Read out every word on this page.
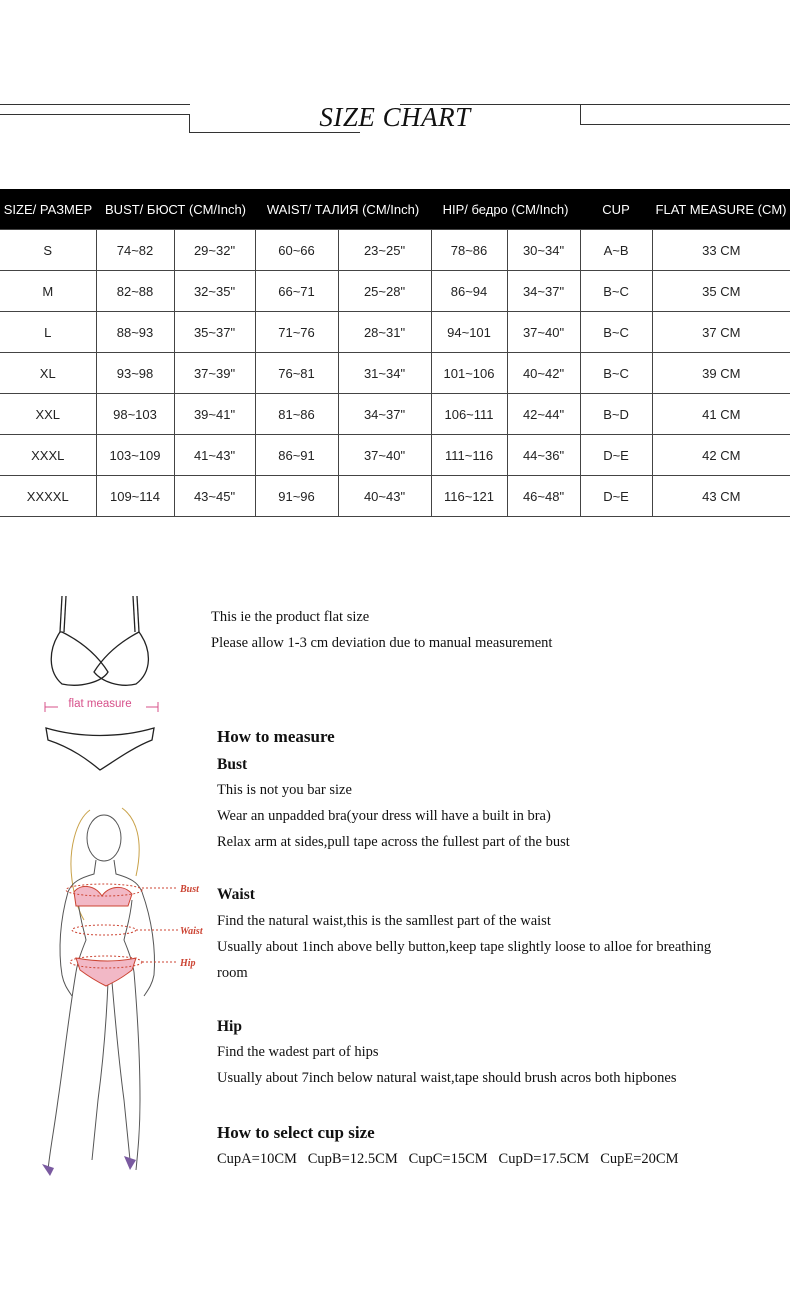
SIZE CHART
SIZE/ РАЗМЕР	BUST/ БЮСТ (CM/Inch)		WAIST/ ТАЛИЯ (CM/Inch)		HIP/ бедро (CM/Inch)		CUP	FLAT MEASURE (CM)
S	74~82	29~32"	60~66	23~25"	78~86	30~34"	A~B	33 CM
M	82~88	32~35"	66~71	25~28"	86~94	34~37"	B~C	35 CM
L	88~93	35~37"	71~76	28~31"	94~101	37~40"	B~C	37 CM
XL	93~98	37~39"	76~81	31~34"	101~106	40~42"	B~C	39 CM
XXL	98~103	39~41"	81~86	34~37"	106~111	42~44"	B~D	41 CM
XXXL	103~109	41~43"	86~91	37~40"	111~116	44~36"	D~E	42 CM
XXXXL	109~114	43~45"	91~96	40~43"	116~121	46~48"	D~E	43 CM
flat measure
This ie the product flat size
Please allow 1-3 cm deviation due to manual measurement
Bust
Waist
Hip
How to measure
Bust
This is not you bar size
Wear an unpadded bra(your dress will have a built in bra)
Relax arm at sides,pull tape across the fullest part of the bust
Waist
Find the natural waist,this is the samllest part of the waist
Usually about 1inch above belly button,keep tape slightly loose to alloe for breathing
room
Hip
Find the wadest part of hips
Usually about 7inch below natural waist,tape should brush acros both hipbones
How to select cup size
CupA=10CM   CupB=12.5CM   CupC=15CM   CupD=17.5CM   CupE=20CM
